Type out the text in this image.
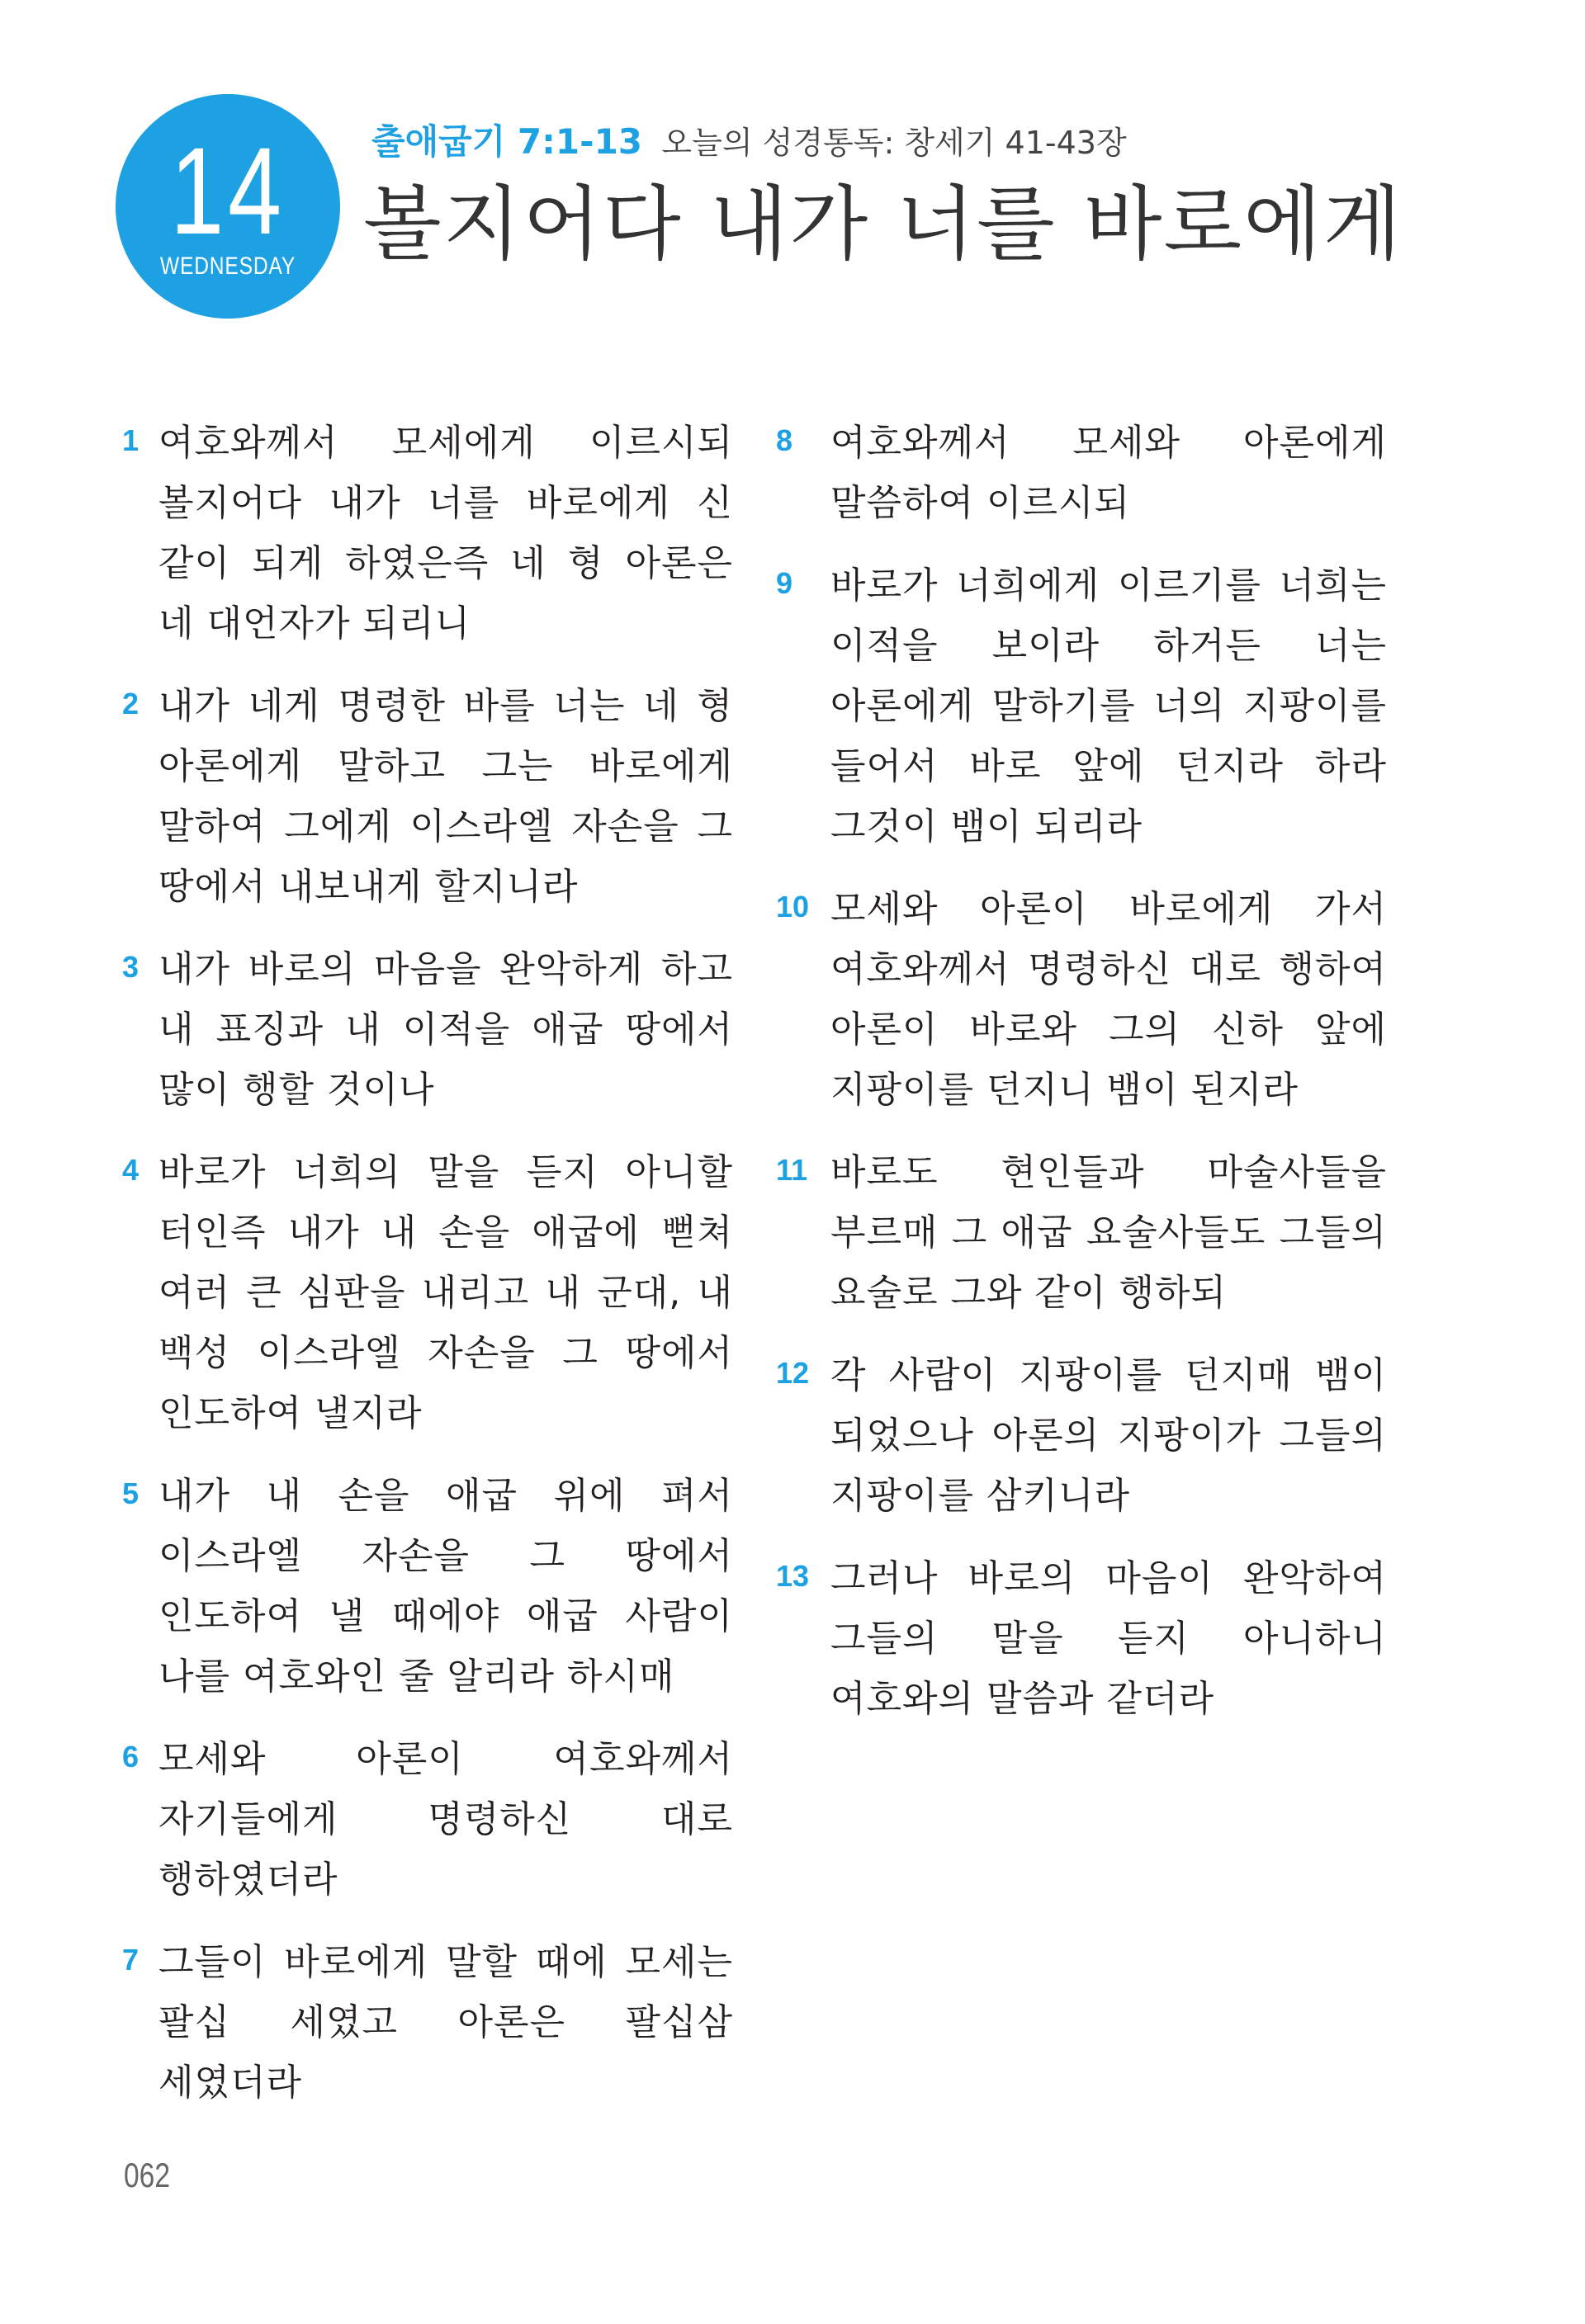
14
WEDNESDAY
출애굽기 7:1-13 오늘의 성경통독: 창세기 41-43장
볼지어다 내가 너를 바로에게
1 여호와께서 모세에게 이르시되 볼지어다 내가 너를 바로에게 신 같이 되게 하였은즉 네 형 아론은 네 대언자가 되리니
2 내가 네게 명령한 바를 너는 네 형 아론에게 말하고 그는 바로에게 말하여 그에게 이스라엘 자손을 그 땅에서 내보내게 할지니라
3 내가 바로의 마음을 완악하게 하고 내 표징과 내 이적을 애굽 땅에서 많이 행할 것이나
4 바로가 너희의 말을 듣지 아니할 터인즉 내가 내 손을 애굽에 뻗쳐 여러 큰 심판을 내리고 내 군대, 내 백성 이스라엘 자손을 그 땅에서 인도하여 낼지라
5 내가 내 손을 애굽 위에 펴서 이스라엘 자손을 그 땅에서 인도하여 낼 때에야 애굽 사람이 나를 여호와인 줄 알리라 하시매
6 모세와 아론이 여호와께서 자기들에게 명령하신 대로 행하였더라
7 그들이 바로에게 말할 때에 모세는 팔십 세였고 아론은 팔십삼 세였더라
8 여호와께서 모세와 아론에게 말씀하여 이르시되
9 바로가 너희에게 이르기를 너희는 이적을 보이라 하거든 너는 아론에게 말하기를 너의 지팡이를 들어서 바로 앞에 던지라 하라 그것이 뱀이 되리라
10 모세와 아론이 바로에게 가서 여호와께서 명령하신 대로 행하여 아론이 바로와 그의 신하 앞에 지팡이를 던지니 뱀이 된지라
11 바로도 현인들과 마술사들을 부르매 그 애굽 요술사들도 그들의 요술로 그와 같이 행하되
12 각 사람이 지팡이를 던지매 뱀이 되었으나 아론의 지팡이가 그들의 지팡이를 삼키니라
13 그러나 바로의 마음이 완악하여 그들의 말을 듣지 아니하니 여호와의 말씀과 같더라
062
